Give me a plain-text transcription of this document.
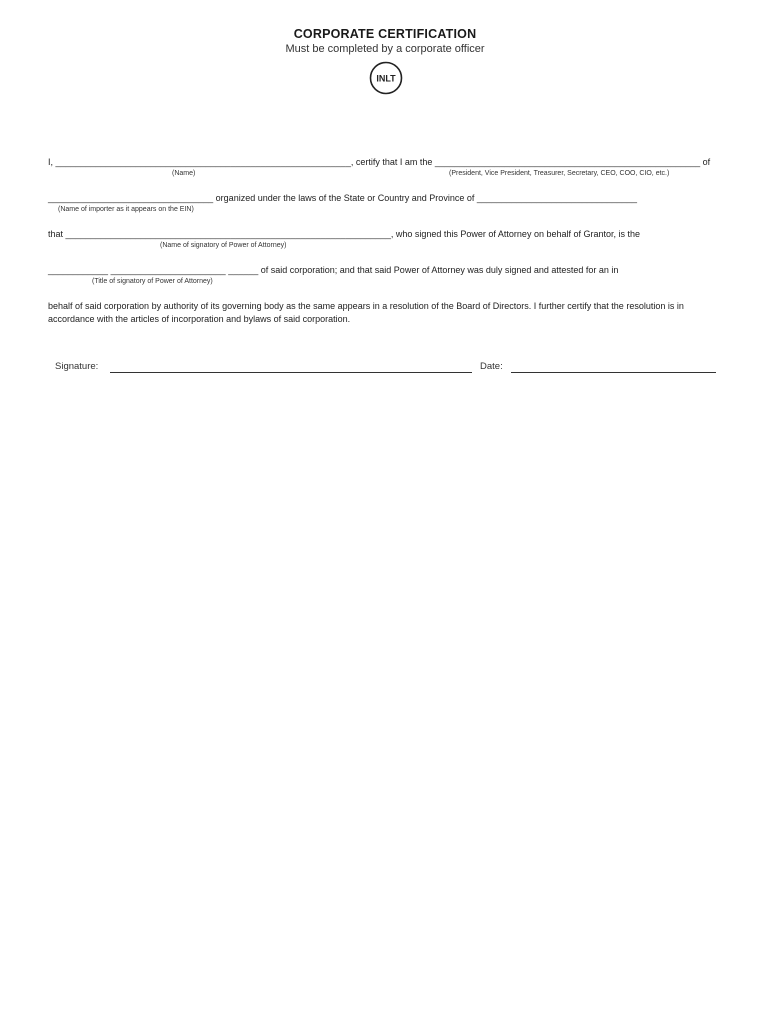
CORPORATE CERTIFICATION
Must be completed by a corporate officer
INLT
I, ___________________________________________________________, certify that I am the _____________________________________________________ of
(Name)	(President, Vice President, Treasurer, Secretary, CEO, COO, CIO, etc.)
_________________________________ organized under the laws of the State or Country and Province of ________________________________
(Name of importer as it appears on the EIN)
that _________________________________________________________________, who signed this Power of Attorney on behalf of Grantor, is the
(Name of signatory of Power of Attorney)
____________ _______________________ ______ of said corporation; and that said Power of Attorney was duly signed and attested for an in
(Title of signatory of Power of Attorney)
behalf of said corporation by authority of its governing body as the same appears in a resolution of the Board of Directors. I further certify that the resolution is in accordance with the articles of incorporation and bylaws of said corporation.
Signature:	Date:
